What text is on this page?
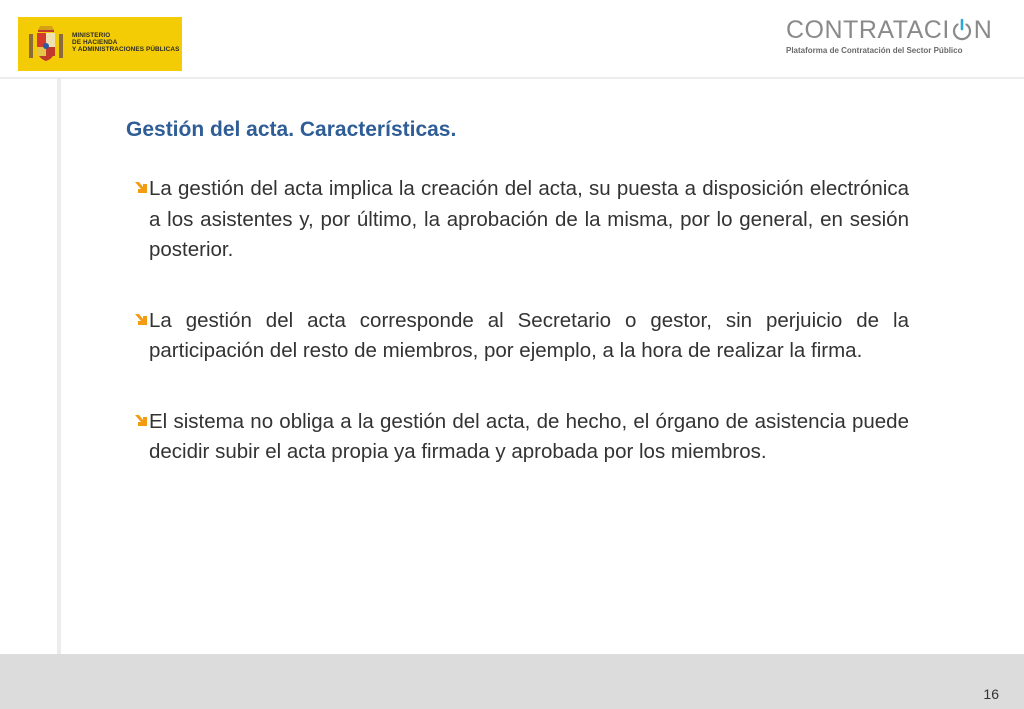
MINISTERIO
DE HACIENDA
Y ADMINISTRACIONES PÚBLICAS
CONTRATACI N
Plataforma de Contratación del Sector Público
Gestión del acta. Características.
La gestión del acta implica la creación del acta, su puesta a disposición electrónica a los asistentes y, por último, la aprobación de la misma, por lo general, en sesión posterior.
La gestión del acta corresponde al Secretario o gestor, sin perjuicio de la participación del resto de miembros, por ejemplo, a la hora de realizar la firma.
El sistema no obliga a la gestión del acta, de hecho, el órgano de asistencia puede decidir subir el acta propia ya firmada y aprobada por los miembros.
16
